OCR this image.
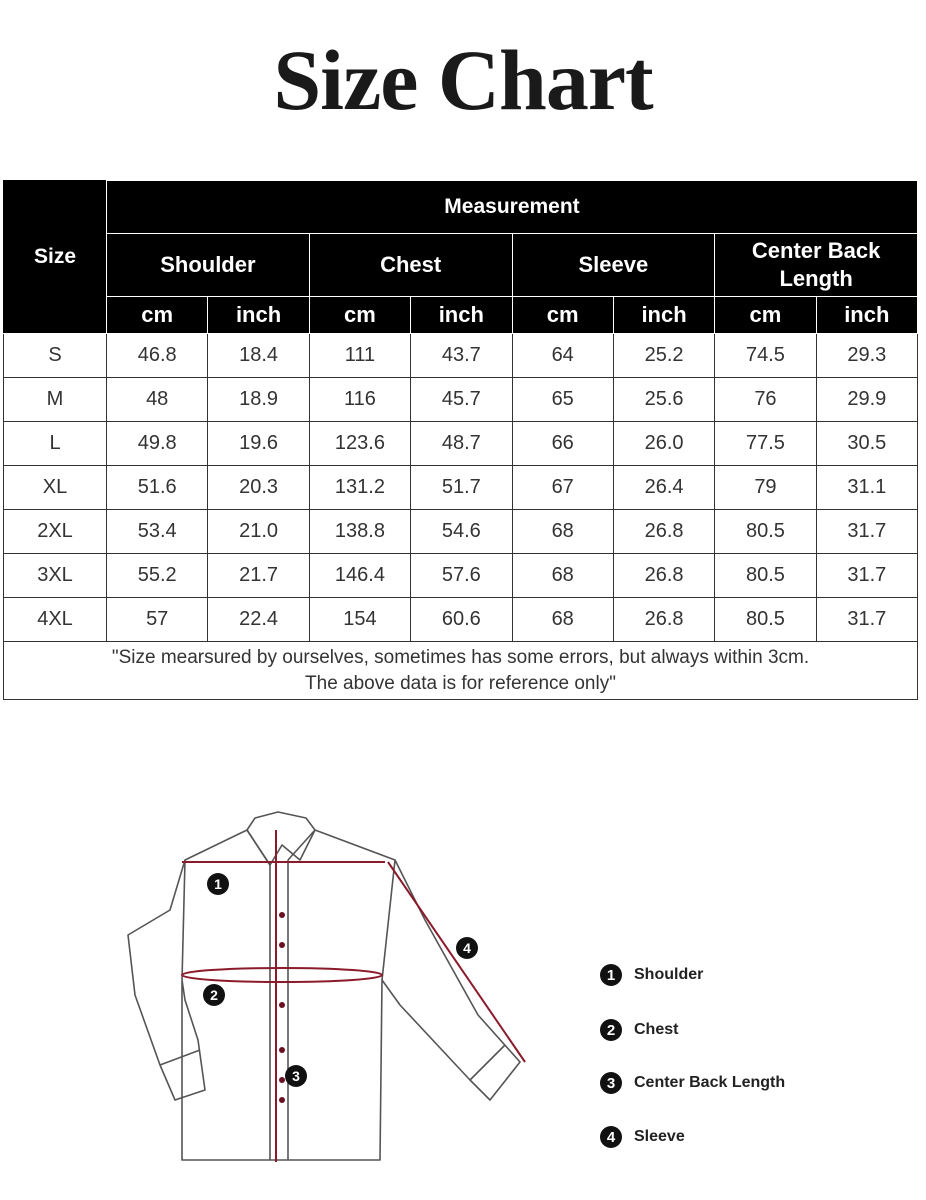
Size Chart
Size	Measurement							
	Shoulder		Chest		Sleeve		Center Back Length	

	cm	inch	cm	inch	cm	inch	cm	inch
S	46.8	18.4	111	43.7	64	25.2	74.5	29.3
M	48	18.9	116	45.7	65	25.6	76	29.9
L	49.8	19.6	123.6	48.7	66	26.0	77.5	30.5
XL	51.6	20.3	131.2	51.7	67	26.4	79	31.1
2XL	53.4	21.0	138.8	54.6	68	26.8	80.5	31.7
3XL	55.2	21.7	146.4	57.6	68	26.8	80.5	31.7
4XL	57	22.4	154	60.6	68	26.8	80.5	31.7

"Size mearsured by ourselves, sometimes has some errors, but always within 3cm.
The above data is for reference only"								
1
2
3
4
1	Shoulder
2	Chest
3	Center Back Length
4	Sleeve
